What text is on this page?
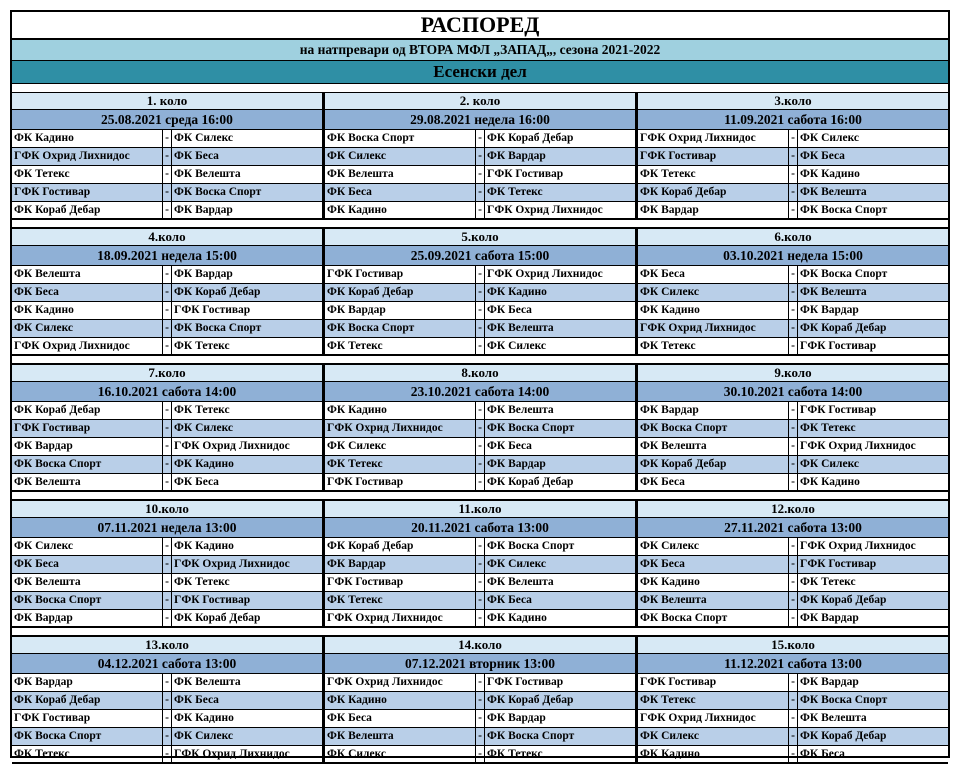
РАСПОРЕД
на натпревари од ВТОРА МФЛ „ЗАПАД„, сезона 2021-2022
Есенски дел
1. коло
25.08.2021 среда 16:00
ФК Кадино	- ФК Силекс
ГФК Охрид Лихнидос	- ФК Беса
ФК Тетекс	- ФК Велешта
ГФК Гостивар	- ФК Воска Спорт
ФК Кораб Дебар	- ФК Вардар
2. коло
29.08.2021 недела 16:00
ФК Воска Спорт	- ФК Кораб Дебар
ФК Силекс	- ФК Вардар
ФК Велешта	- ГФК Гостивар
ФК Беса	- ФК Тетекс
ФК Кадино	- ГФК Охрид Лихнидос
3.коло
11.09.2021 сабота 16:00
ГФК Охрид Лихнидос	- ФК Силекс
ГФК Гостивар	- ФК Беса
ФК Тетекс	- ФК Кадино
ФК Кораб Дебар	- ФК Велешта
ФК Вардар	- ФК Воска Спорт
4.коло
18.09.2021 недела 15:00
ФК Велешта	- ФК Вардар
ФК Беса	- ФК Кораб Дебар
ФК Кадино	- ГФК Гостивар
ФК Силекс	- ФК Воска Спорт
ГФК Охрид Лихнидос	- ФК Тетекс
5.коло
25.09.2021 сабота 15:00
ГФК Гостивар	- ГФК Охрид Лихнидос
ФК Кораб Дебар	- ФК Кадино
ФК Вардар	- ФК Беса
ФК Воска Спорт	- ФК Велешта
ФК Тетекс	- ФК Силекс
6.коло
03.10.2021 недела 15:00
ФК Беса	- ФК Воска Спорт
ФК Силекс	- ФК Велешта
ФК Кадино	- ФК Вардар
ГФК Охрид Лихнидос	- ФК Кораб Дебар
ФК Тетекс	- ГФК Гостивар
7.коло
16.10.2021 сабота 14:00
ФК Кораб Дебар	- ФК Тетекс
ГФК Гостивар	- ФК Силекс
ФК Вардар	- ГФК Охрид Лихнидос
ФК Воска Спорт	- ФК Кадино
ФК Велешта	- ФК Беса
8.коло
23.10.2021 сабота 14:00
ФК Кадино	- ФК Велешта
ГФК Охрид Лихнидос	- ФК Воска Спорт
ФК Силекс	- ФК Беса
ФК Тетекс	- ФК Вардар
ГФК Гостивар	- ФК Кораб Дебар
9.коло
30.10.2021 сабота 14:00
ФК Вардар	- ГФК Гостивар
ФК Воска Спорт	- ФК Тетекс
ФК Велешта	- ГФК Охрид Лихнидос
ФК Кораб Дебар	- ФК Силекс
ФК Беса	- ФК Кадино
10.коло
07.11.2021 недела 13:00
ФК Силекс	- ФК Кадино
ФК Беса	- ГФК Охрид Лихнидос
ФК Велешта	- ФК Тетекс
ФК Воска Спорт	- ГФК Гостивар
ФК Вардар	- ФК Кораб Дебар
11.коло
20.11.2021 сабота 13:00
ФК Кораб Дебар	- ФК Воска Спорт
ФК Вардар	- ФК Силекс
ГФК Гостивар	- ФК Велешта
ФК Тетекс	- ФК Беса
ГФК Охрид Лихнидос	- ФК Кадино
12.коло
27.11.2021 сабота 13:00
ФК Силекс	- ГФК Охрид Лихнидос
ФК Беса	- ГФК Гостивар
ФК Кадино	- ФК Тетекс
ФК Велешта	- ФК Кораб Дебар
ФК Воска Спорт	- ФК Вардар
13.коло
04.12.2021 сабота 13:00
ФК Вардар	- ФК Велешта
ФК Кораб Дебар	- ФК Беса
ГФК Гостивар	- ФК Кадино
ФК Воска Спорт	- ФК Силекс
ФК Тетекс	- ГФК Охрид Лихнидос
14.коло
07.12.2021 вторник 13:00
ГФК Охрид Лихнидос	- ГФК Гостивар
ФК Кадино	- ФК Кораб Дебар
ФК Беса	- ФК Вардар
ФК Велешта	- ФК Воска Спорт
ФК Силекс	- ФК Тетекс
15.коло
11.12.2021 сабота 13:00
ГФК Гостивар	- ФК Вардар
ФК Тетекс	- ФК Воска Спорт
ГФК Охрид Лихнидос	- ФК Велешта
ФК Силекс	- ФК Кораб Дебар
ФК Кадино	- ФК Беса
